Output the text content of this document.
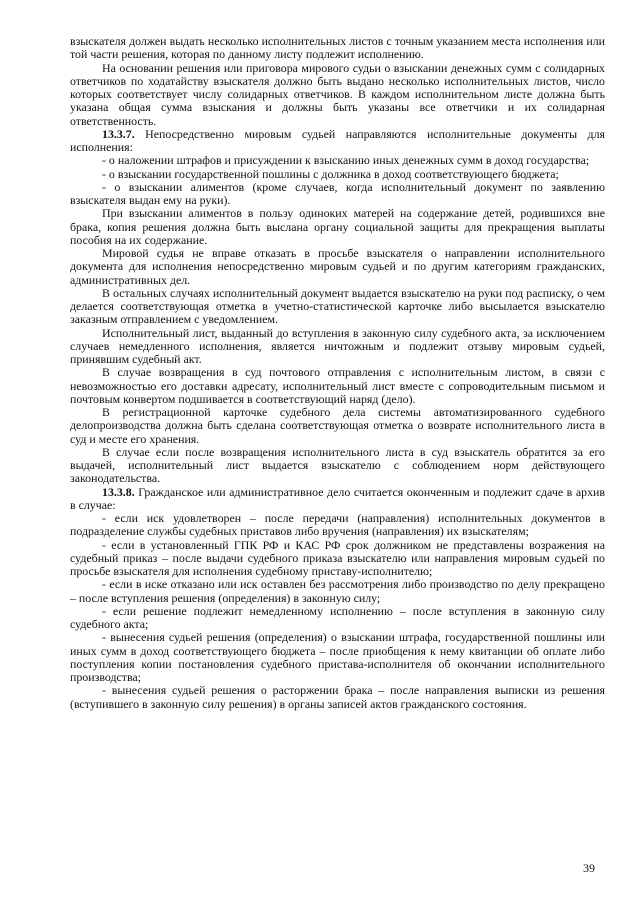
взыскателя должен выдать несколько исполнительных листов с точным указанием места исполнения или той части решения, которая по данному листу подлежит исполнению.

На основании решения или приговора мирового судьи о взыскании денежных сумм с солидарных ответчиков по ходатайству взыскателя должно быть выдано несколько исполнительных листов, число которых соответствует числу солидарных ответчиков. В каждом исполнительном листе должна быть указана общая сумма взыскания и должны быть указаны все ответчики и их солидарная ответственность.

13.3.7. Непосредственно мировым судьей направляются исполнительные документы для исполнения:

- о наложении штрафов и присуждении к взысканию иных денежных сумм в доход государства;

- о взыскании государственной пошлины с должника в доход соответствующего бюджета;

- о взыскании алиментов (кроме случаев, когда исполнительный документ по заявлению взыскателя выдан ему на руки).

При взыскании алиментов в пользу одиноких матерей на содержание детей, родившихся вне брака, копия решения должна быть выслана органу социальной защиты для прекращения выплаты пособия на их содержание.

Мировой судья не вправе отказать в просьбе взыскателя о направлении исполнительного документа для исполнения непосредственно мировым судьей и по другим категориям гражданских, административных дел.

В остальных случаях исполнительный документ выдается взыскателю на руки под расписку, о чем делается соответствующая отметка в учетно-статистической карточке либо высылается взыскателю заказным отправлением с уведомлением.

Исполнительный лист, выданный до вступления в законную силу судебного акта, за исключением случаев немедленного исполнения, является ничтожным и подлежит отзыву мировым судьей, принявшим судебный акт.

В случае возвращения в суд почтового отправления с исполнительным листом, в связи с невозможностью его доставки адресату, исполнительный лист вместе с сопроводительным письмом и почтовым конвертом подшивается в соответствующий наряд (дело).

В регистрационной карточке судебного дела системы автоматизированного судебного делопроизводства должна быть сделана соответствующая отметка о возврате исполнительного листа в суд и месте его хранения.

В случае если после возвращения исполнительного листа в суд взыскатель обратится за его выдачей, исполнительный лист выдается взыскателю с соблюдением норм действующего законодательства.

13.3.8. Гражданское или административное дело считается оконченным и подлежит сдаче в архив в случае:

- если иск удовлетворен – после передачи (направления) исполнительных документов в подразделение службы судебных приставов либо вручения (направления) их взыскателям;

- если в установленный ГПК РФ и КАС РФ срок должником не представлены возражения на судебный приказ – после выдачи судебного приказа взыскателю или направления мировым судьей по просьбе взыскателя для исполнения судебному приставу-исполнителю;

- если в иске отказано или иск оставлен без рассмотрения либо производство по делу прекращено – после вступления решения (определения) в законную силу;

- если решение подлежит немедленному исполнению – после вступления в законную силу судебного акта;

- вынесения судьей решения (определения) о взыскании штрафа, государственной пошлины или иных сумм в доход соответствующего бюджета – после приобщения к нему квитанции об оплате либо поступления копии постановления судебного пристава-исполнителя об окончании исполнительного производства;

- вынесения судьей решения о расторжении брака – после направления выписки из решения (вступившего в законную силу решения) в органы записей актов гражданского состояния.

39
